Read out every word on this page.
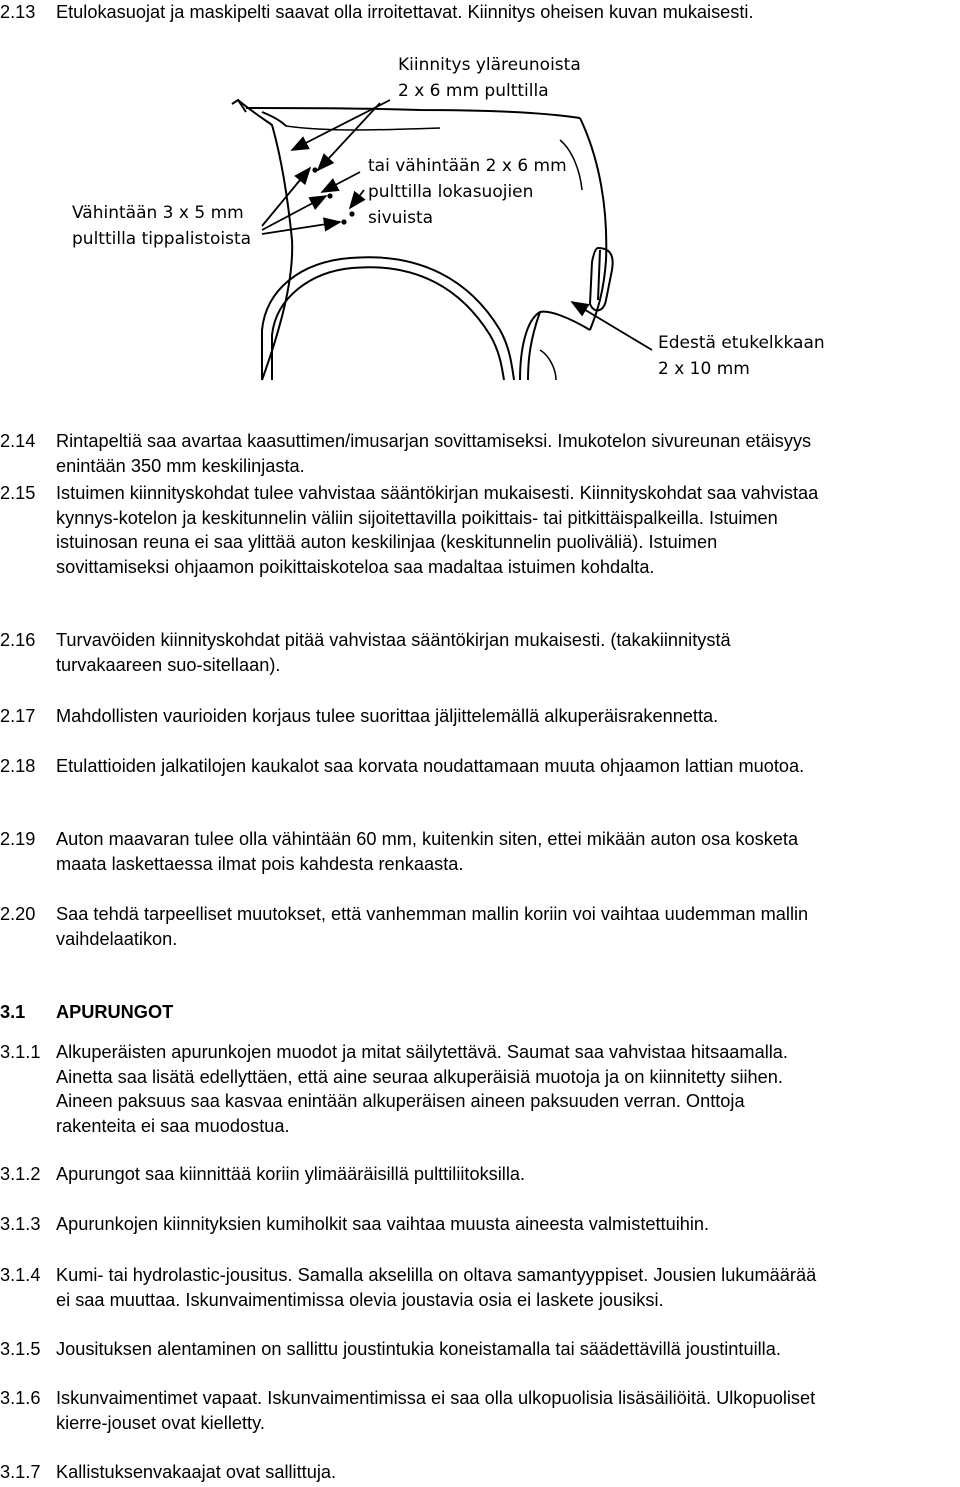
2.13 Etulokasuojat ja maskipelti saavat olla irroitettavat. Kiinnitys oheisen kuvan mukaisesti.
Kiinnitys yläreunoista
2 x 6 mm pulttilla
tai vähintään 2 x 6 mm
pulttilla lokasuojien
sivuista
Vähintään 3 x 5 mm
pulttilla tippalistoista
Edestä etukelkkaan
2 x 10 mm
2.14 Rintapeltiä saa avartaa kaasuttimen/imusarjan sovittamiseksi. Imukotelon sivureunan etäisyys
enintään 350 mm keskilinjasta.
2.15 Istuimen kiinnityskohdat tulee vahvistaa sääntökirjan mukaisesti. Kiinnityskohdat saa vahvistaa
kynnys-kotelon ja keskitunnelin väliin sijoitettavilla poikittais- tai pitkittäispalkeilla. Istuimen
istuinosan reuna ei saa ylittää auton keskilinjaa (keskitunnelin puoliväliä). Istuimen
sovittamiseksi ohjaamon poikittaiskoteloa saa madaltaa istuimen kohdalta.
2.16 Turvavöiden kiinnityskohdat pitää vahvistaa sääntökirjan mukaisesti. (takakiinnitystä
turvakaareen suo-sitellaan).
2.17 Mahdollisten vaurioiden korjaus tulee suorittaa jäljittelemällä alkuperäisrakennetta.
2.18 Etulattioiden jalkatilojen kaukalot saa korvata noudattamaan muuta ohjaamon lattian muotoa.
2.19 Auton maavaran tulee olla vähintään 60 mm, kuitenkin siten, ettei mikään auton osa kosketa
maata laskettaessa ilmat pois kahdesta renkaasta.
2.20 Saa tehdä tarpeelliset muutokset, että vanhemman mallin koriin voi vaihtaa uudemman mallin
vaihdelaatikon.
3.1 APURUNGOT
3.1.1 Alkuperäisten apurunkojen muodot ja mitat säilytettävä. Saumat saa vahvistaa hitsaamalla.
Ainetta saa lisätä edellyttäen, että aine seuraa alkuperäisiä muotoja ja on kiinnitetty siihen.
Aineen paksuus saa kasvaa enintään alkuperäisen aineen paksuuden verran. Onttoja
rakenteita ei saa muodostua.
3.1.2 Apurungot saa kiinnittää koriin ylimääräisillä pulttiliitoksilla.
3.1.3 Apurunkojen kiinnityksien kumiholkit saa vaihtaa muusta aineesta valmistettuihin.
3.1.4 Kumi- tai hydrolastic-jousitus. Samalla akselilla on oltava samantyyppiset. Jousien lukumäärää
ei saa muuttaa. Iskunvaimentimissa olevia joustavia osia ei laskete jousiksi.
3.1.5 Jousituksen alentaminen on sallittu joustintukia koneistamalla tai säädettävillä joustintuilla.
3.1.6 Iskunvaimentimet vapaat. Iskunvaimentimissa ei saa olla ulkopuolisia lisäsäiliöitä. Ulkopuoliset
kierre-jouset ovat kielletty.
3.1.7 Kallistuksenvakaajat ovat sallittuja.
